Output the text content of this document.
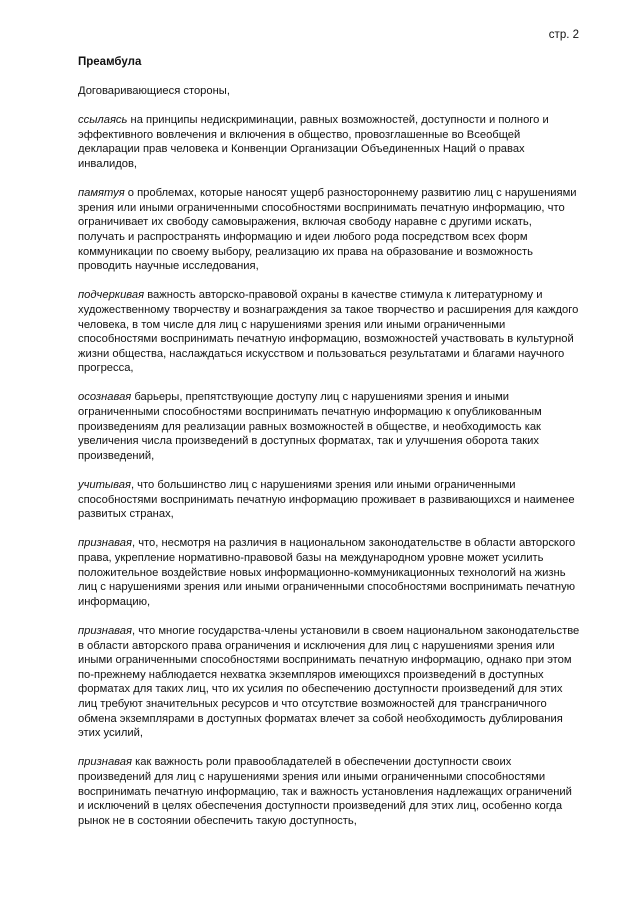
стр. 2
Преамбула

Договаривающиеся стороны,

ссылаясь на принципы недискриминации, равных возможностей, доступности и полного и эффективного вовлечения и включения в общество, провозглашенные во Всеобщей декларации прав человека и Конвенции Организации Объединенных Наций о правах инвалидов,

памятуя о проблемах, которые наносят ущерб разностороннему развитию лиц с нарушениями зрения или иными ограниченными способностями воспринимать печатную информацию, что ограничивает их свободу самовыражения, включая свободу наравне с другими искать, получать и распространять информацию и идеи любого рода посредством всех форм коммуникации по своему выбору, реализацию их права на образование и возможность проводить научные исследования,

подчеркивая важность авторско-правовой охраны в качестве стимула к литературному и художественному творчеству и вознаграждения за такое творчество и расширения для каждого человека, в том числе для лиц с нарушениями зрения или иными ограниченными способностями воспринимать печатную информацию, возможностей участвовать в культурной жизни общества, наслаждаться искусством и пользоваться результатами и благами научного прогресса,

осознавая барьеры, препятствующие доступу лиц с нарушениями зрения и иными ограниченными способностями воспринимать печатную информацию к опубликованным произведениям для реализации равных возможностей в обществе, и необходимость как увеличения числа произведений в доступных форматах, так и улучшения оборота таких произведений,

учитывая, что большинство лиц с нарушениями зрения или иными ограниченными способностями воспринимать печатную информацию проживает в развивающихся и наименее развитых странах,

признавая, что, несмотря на различия в национальном законодательстве в области авторского права, укрепление нормативно-правовой базы на международном уровне может усилить положительное воздействие новых информационно-коммуникационных технологий на жизнь лиц с нарушениями зрения или иными ограниченными способностями воспринимать печатную информацию,

признавая, что многие государства-члены установили в своем национальном законодательстве в области авторского права ограничения и исключения для лиц с нарушениями зрения или иными ограниченными способностями воспринимать печатную информацию, однако при этом по-прежнему наблюдается нехватка экземпляров имеющихся произведений в доступных форматах для таких лиц, что их усилия по обеспечению доступности произведений для этих лиц требуют значительных ресурсов и что отсутствие возможностей для трансграничного обмена экземплярами в доступных форматах влечет за собой необходимость дублирования этих усилий,

признавая как важность роли правообладателей в обеспечении доступности своих произведений для лиц с нарушениями зрения или иными ограниченными способностями воспринимать печатную информацию, так и важность установления надлежащих ограничений и исключений в целях обеспечения доступности произведений для этих лиц, особенно когда рынок не в состоянии обеспечить такую доступность,
